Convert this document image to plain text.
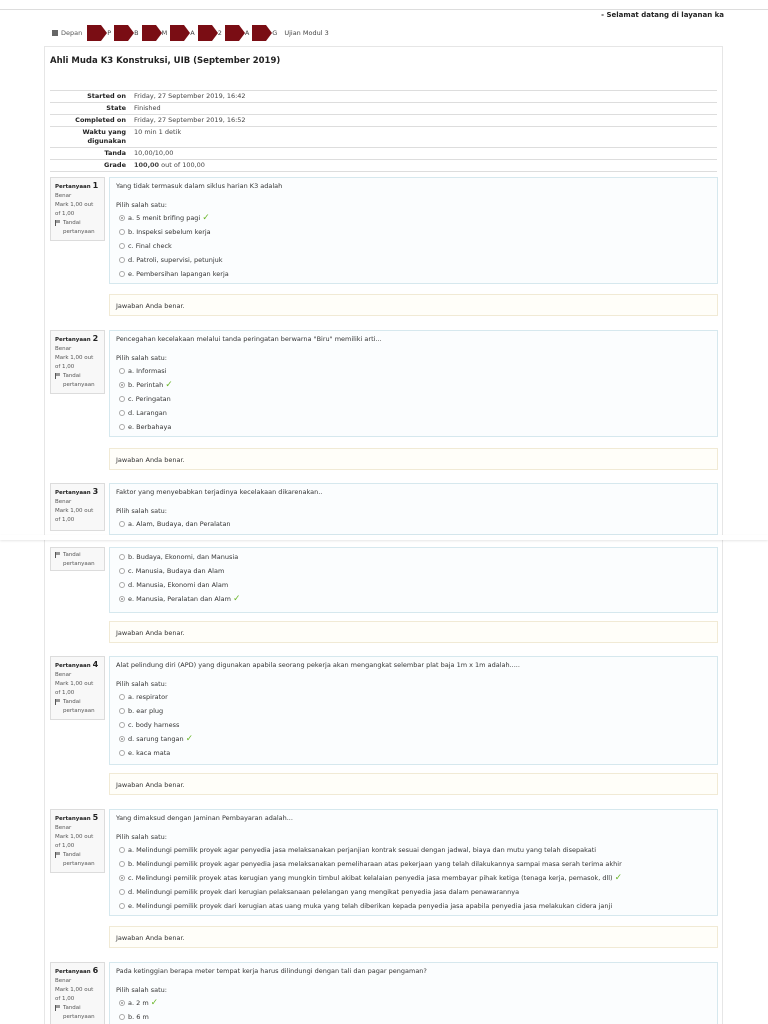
- Selamat datang di layanan ka
Depan	P	B	M	A	2	A	G Ujian Modul 3
Ahli Muda K3 Konstruksi, UIB (September 2019)
Started on	Friday, 27 September 2019, 16:42
State	Finished
Completed on	Friday, 27 September 2019, 16:52
Waktu yang digunakan	10 min 1 detik
Tanda	10,00/10,00
Grade	100,00 out of 100,00
Pertanyaan 1
Benar
Mark 1,00 out of 1,00
Tandai pertanyaan
Yang tidak termasuk dalam siklus harian K3 adalah
Pilih salah satu:
a. 5 menit brifing pagi ✓
b. Inspeksi sebelum kerja
c. Final check
d. Patroli, supervisi, petunjuk
e. Pembersihan lapangan kerja
Jawaban Anda benar.
Pertanyaan 2
Benar
Mark 1,00 out of 1,00
Tandai pertanyaan
Pencegahan kecelakaan melalui tanda peringatan berwarna "Biru" memiliki arti...
Pilih salah satu:
a. Informasi
b. Perintah ✓
c. Peringatan
d. Larangan
e. Berbahaya
Jawaban Anda benar.
Pertanyaan 3
Benar
Mark 1,00 out of 1,00
Faktor yang menyebabkan terjadinya kecelakaan dikarenakan..
Pilih salah satu:
a. Alam, Budaya, dan Peralatan
Tandai pertanyaan
b. Budaya, Ekonomi, dan Manusia
c. Manusia, Budaya dan Alam
d. Manusia, Ekonomi dan Alam
e. Manusia, Peralatan dan Alam ✓
Jawaban Anda benar.
Pertanyaan 4
Benar
Mark 1,00 out of 1,00
Tandai pertanyaan
Alat pelindung diri (APD) yang digunakan apabila seorang pekerja akan mengangkat selembar plat baja 1m x 1m adalah.....
Pilih salah satu:
a. respirator
b. ear plug
c. body harness
d. sarung tangan ✓
e. kaca mata
Jawaban Anda benar.
Pertanyaan 5
Benar
Mark 1,00 out of 1,00
Tandai pertanyaan
Yang dimaksud dengan Jaminan Pembayaran adalah...
Pilih salah satu:
a. Melindungi pemilik proyek agar penyedia jasa melaksanakan perjanjian kontrak sesuai dengan jadwal, biaya dan mutu yang telah disepakati
b. Melindungi pemilik proyek agar penyedia jasa melaksanakan pemeliharaan atas pekerjaan yang telah dilakukannya sampai masa serah terima akhir
c. Melindungi pemilik proyek atas kerugian yang mungkin timbul akibat kelalaian penyedia jasa membayar pihak ketiga (tenaga kerja, pemasok, dll) ✓
d. Melindungi pemilik proyek dari kerugian pelaksanaan pelelangan yang mengikat penyedia jasa dalam penawarannya
e. Melindungi pemilik proyek dari kerugian atas uang muka yang telah diberikan kepada penyedia jasa apabila penyedia jasa melakukan cidera janji
Jawaban Anda benar.
Pertanyaan 6
Benar
Mark 1,00 out of 1,00
Tandai pertanyaan
Pada ketinggian berapa meter tempat kerja harus dilindungi dengan tali dan pagar pengaman?
Pilih salah satu:
a. 2 m ✓
b. 6 m
